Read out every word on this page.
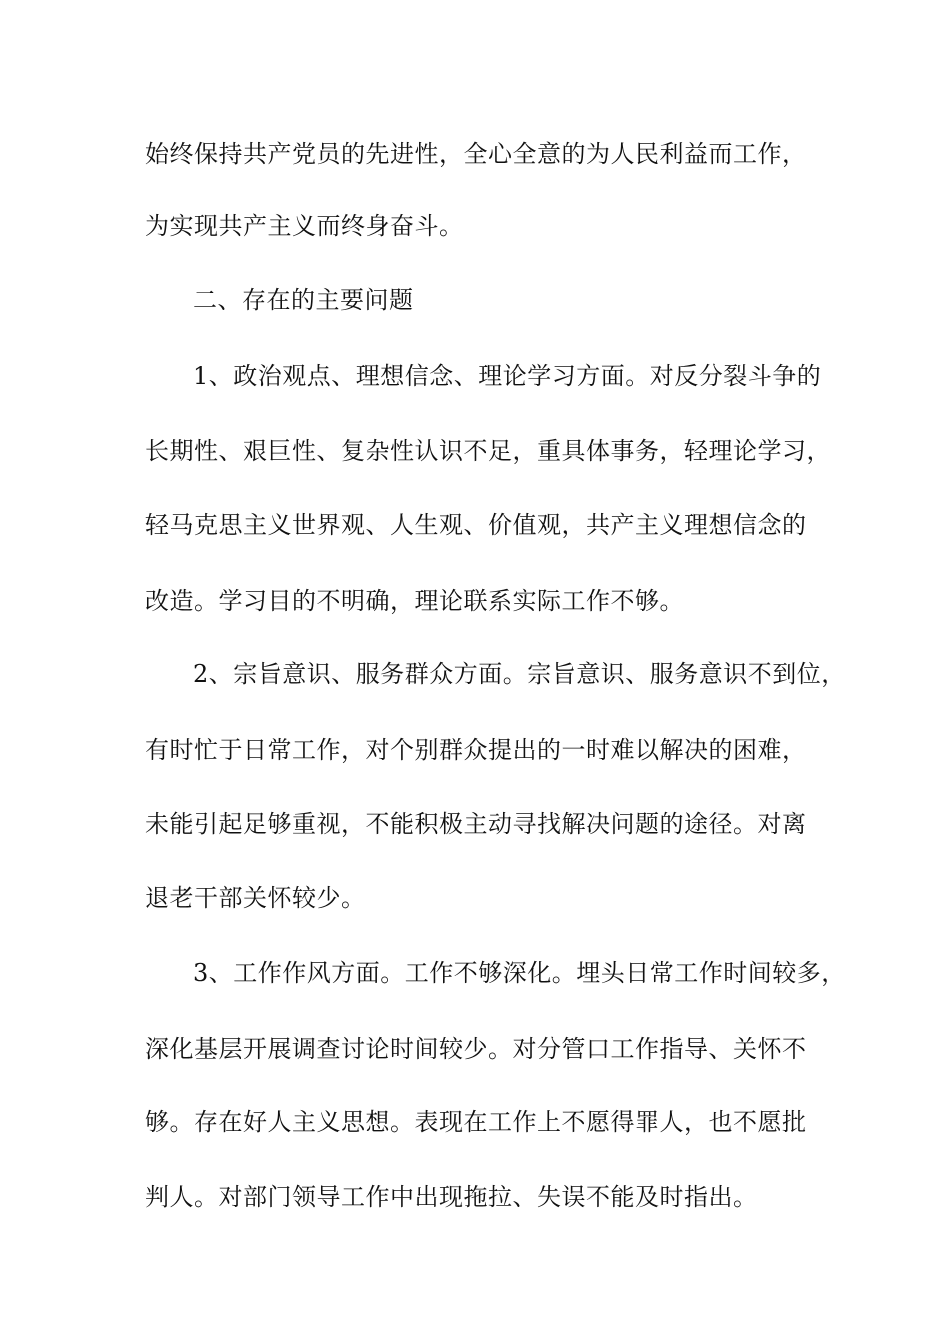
始终保持共产党员的先进性，全心全意的为人民利益而工作，
为实现共产主义而终身奋斗。
二、存在的主要问题
1、政治观点、理想信念、理论学习方面。对反分裂斗争的
长期性、艰巨性、复杂性认识不足，重具体事务，轻理论学习，
轻马克思主义世界观、人生观、价值观，共产主义理想信念的
改造。学习目的不明确，理论联系实际工作不够。
2、宗旨意识、服务群众方面。宗旨意识、服务意识不到位，
有时忙于日常工作，对个别群众提出的一时难以解决的困难，
未能引起足够重视，不能积极主动寻找解决问题的途径。对离
退老干部关怀较少。
3、工作作风方面。工作不够深化。埋头日常工作时间较多，
深化基层开展调查讨论时间较少。对分管口工作指导、关怀不
够。存在好人主义思想。表现在工作上不愿得罪人，也不愿批
判人。对部门领导工作中出现拖拉、失误不能及时指出。
